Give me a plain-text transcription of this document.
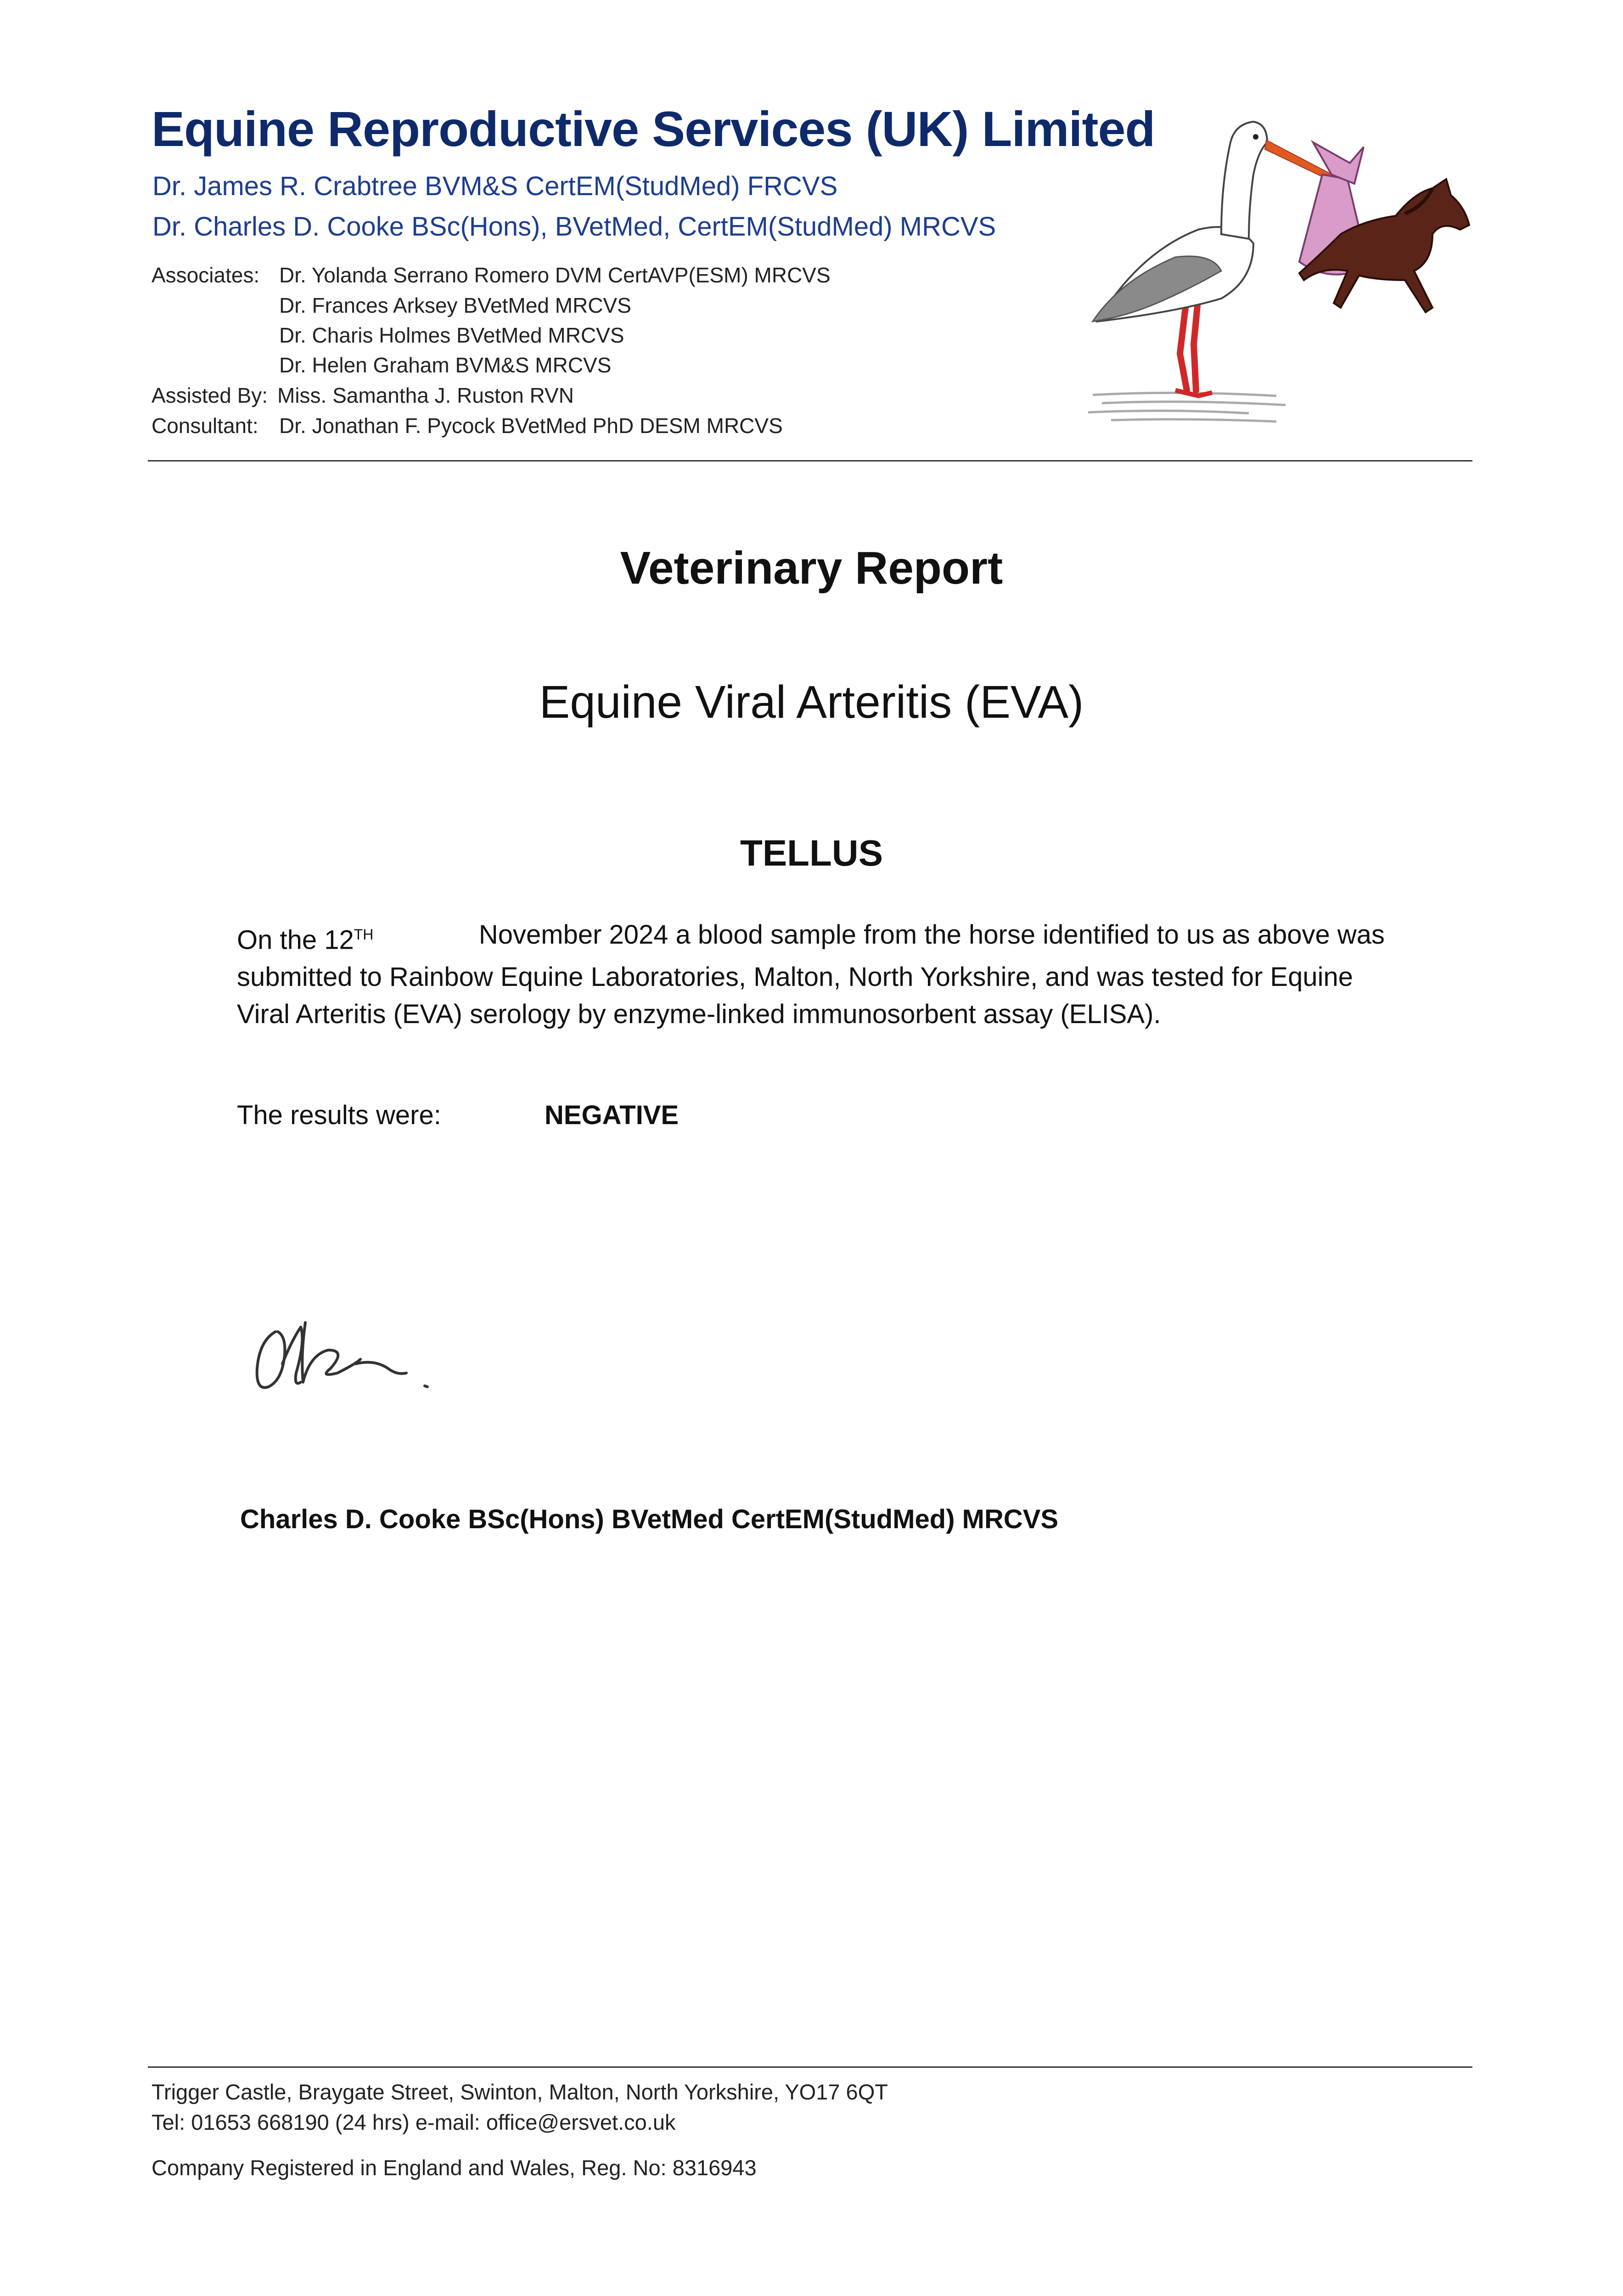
Equine Reproductive Services (UK) Limited
Dr. James R. Crabtree BVM&S CertEM(StudMed) FRCVS
Dr. Charles D. Cooke BSc(Hons), BVetMed, CertEM(StudMed) MRCVS
Associates: Dr. Yolanda Serrano Romero DVM CertAVP(ESM) MRCVS
Dr. Frances Arksey BVetMed MRCVS
Dr. Charis Holmes BVetMed MRCVS
Dr. Helen Graham BVM&S MRCVS
Assisted By: Miss. Samantha J. Ruston RVN
Consultant: Dr. Jonathan F. Pycock BVetMed PhD DESM MRCVS
Veterinary Report
Equine Viral Arteritis (EVA)
TELLUS
On the 12TH	November 2024 a blood sample from the horse identified to us as above was
submitted to Rainbow Equine Laboratories, Malton, North Yorkshire, and was tested for Equine
Viral Arteritis (EVA) serology by enzyme-linked immunosorbent assay (ELISA).
The results were:	NEGATIVE
Charles D. Cooke BSc(Hons) BVetMed CertEM(StudMed) MRCVS
Trigger Castle, Braygate Street, Swinton, Malton, North Yorkshire, YO17 6QT
Tel: 01653 668190 (24 hrs) e-mail: office@ersvet.co.uk
Company Registered in England and Wales, Reg. No: 8316943
